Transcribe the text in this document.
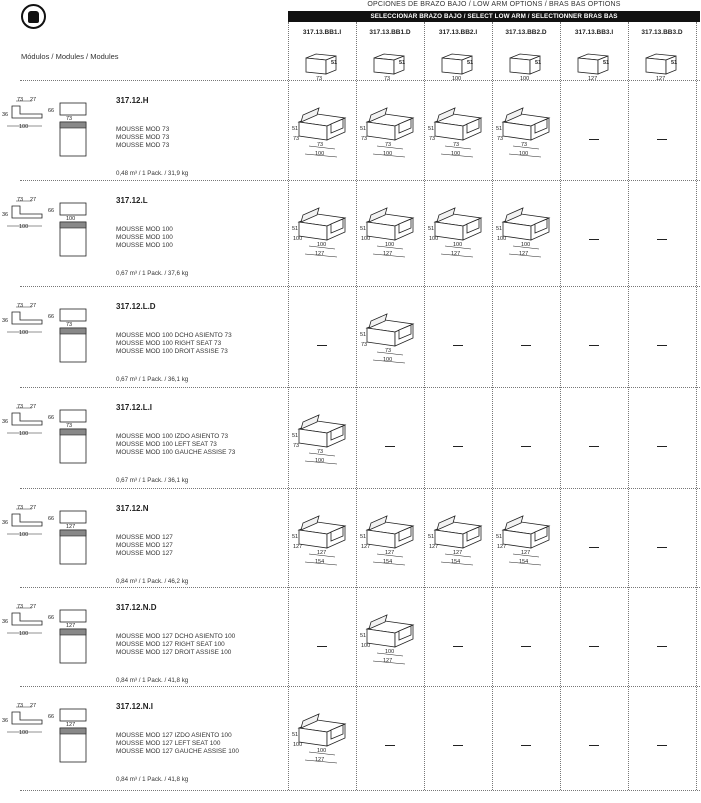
OPCIONES DE BRAZO BAJO / LOW ARM OPTIONS / BRAS BAS OPTIONS
SELECCIONAR BRAZO BAJO / SELECT LOW ARM / SELECTIONNER BRAS BAS
Módulos / Modules / Modules
317.13.BB1.I
51
73
317.13.BB1.D
51
73
317.13.BB2.I
51
100
317.13.BB2.D
51
100
317.13.BB3.I
51
127
317.13.BB3.D
51
127
317.12.H
MOUSSE MOD 73
MOUSSE MOD 73
MOUSSE MOD 73
0,48 m³ / 1 Pack. / 31,9 kg
73 27
100
36
66
73
73
100
51
73
73
100
51
73
73
100
51
73
73
100
51
73
317.12.L
MOUSSE MOD 100
MOUSSE MOD 100
MOUSSE MOD 100
0,67 m³ / 1 Pack. / 37,6 kg
73 27
100
36
66
100
100
127
51
100
100
127
51
100
100
127
51
100
100
127
51
100
317.12.L.D
MOUSSE MOD 100 DCHO ASIENTO 73
MOUSSE MOD 100 RIGHT SEAT 73
MOUSSE MOD 100 DROIT ASSISE 73
0,67 m³ / 1 Pack. / 36,1 kg
73 27
100
36
66
73
73
100
51
73
317.12.L.I
MOUSSE MOD 100 IZDO ASIENTO 73
MOUSSE MOD 100 LEFT SEAT 73
MOUSSE MOD 100 GAUCHE ASSISE 73
0,67 m³ / 1 Pack. / 36,1 kg
73 27
100
36
66
73
73
100
51
73
317.12.N
MOUSSE MOD 127
MOUSSE MOD 127
MOUSSE MOD 127
0,84 m³ / 1 Pack. / 46,2 kg
73 27
100
36
66
127
127
154
51
127
127
154
51
127
127
154
51
127
127
154
51
127
317.12.N.D
MOUSSE MOD 127 DCHO ASIENTO 100
MOUSSE MOD 127 RIGHT SEAT 100
MOUSSE MOD 127 DROIT ASSISE 100
0,84 m³ / 1 Pack. / 41,8 kg
73 27
100
36
66
127
100
127
51
100
317.12.N.I
MOUSSE MOD 127 IZDO ASIENTO 100
MOUSSE MOD 127 LEFT SEAT 100
MOUSSE MOD 127 GAUCHE ASSISE 100
0,84 m³ / 1 Pack. / 41,8 kg
73 27
100
36
66
127
100
127
51
100
